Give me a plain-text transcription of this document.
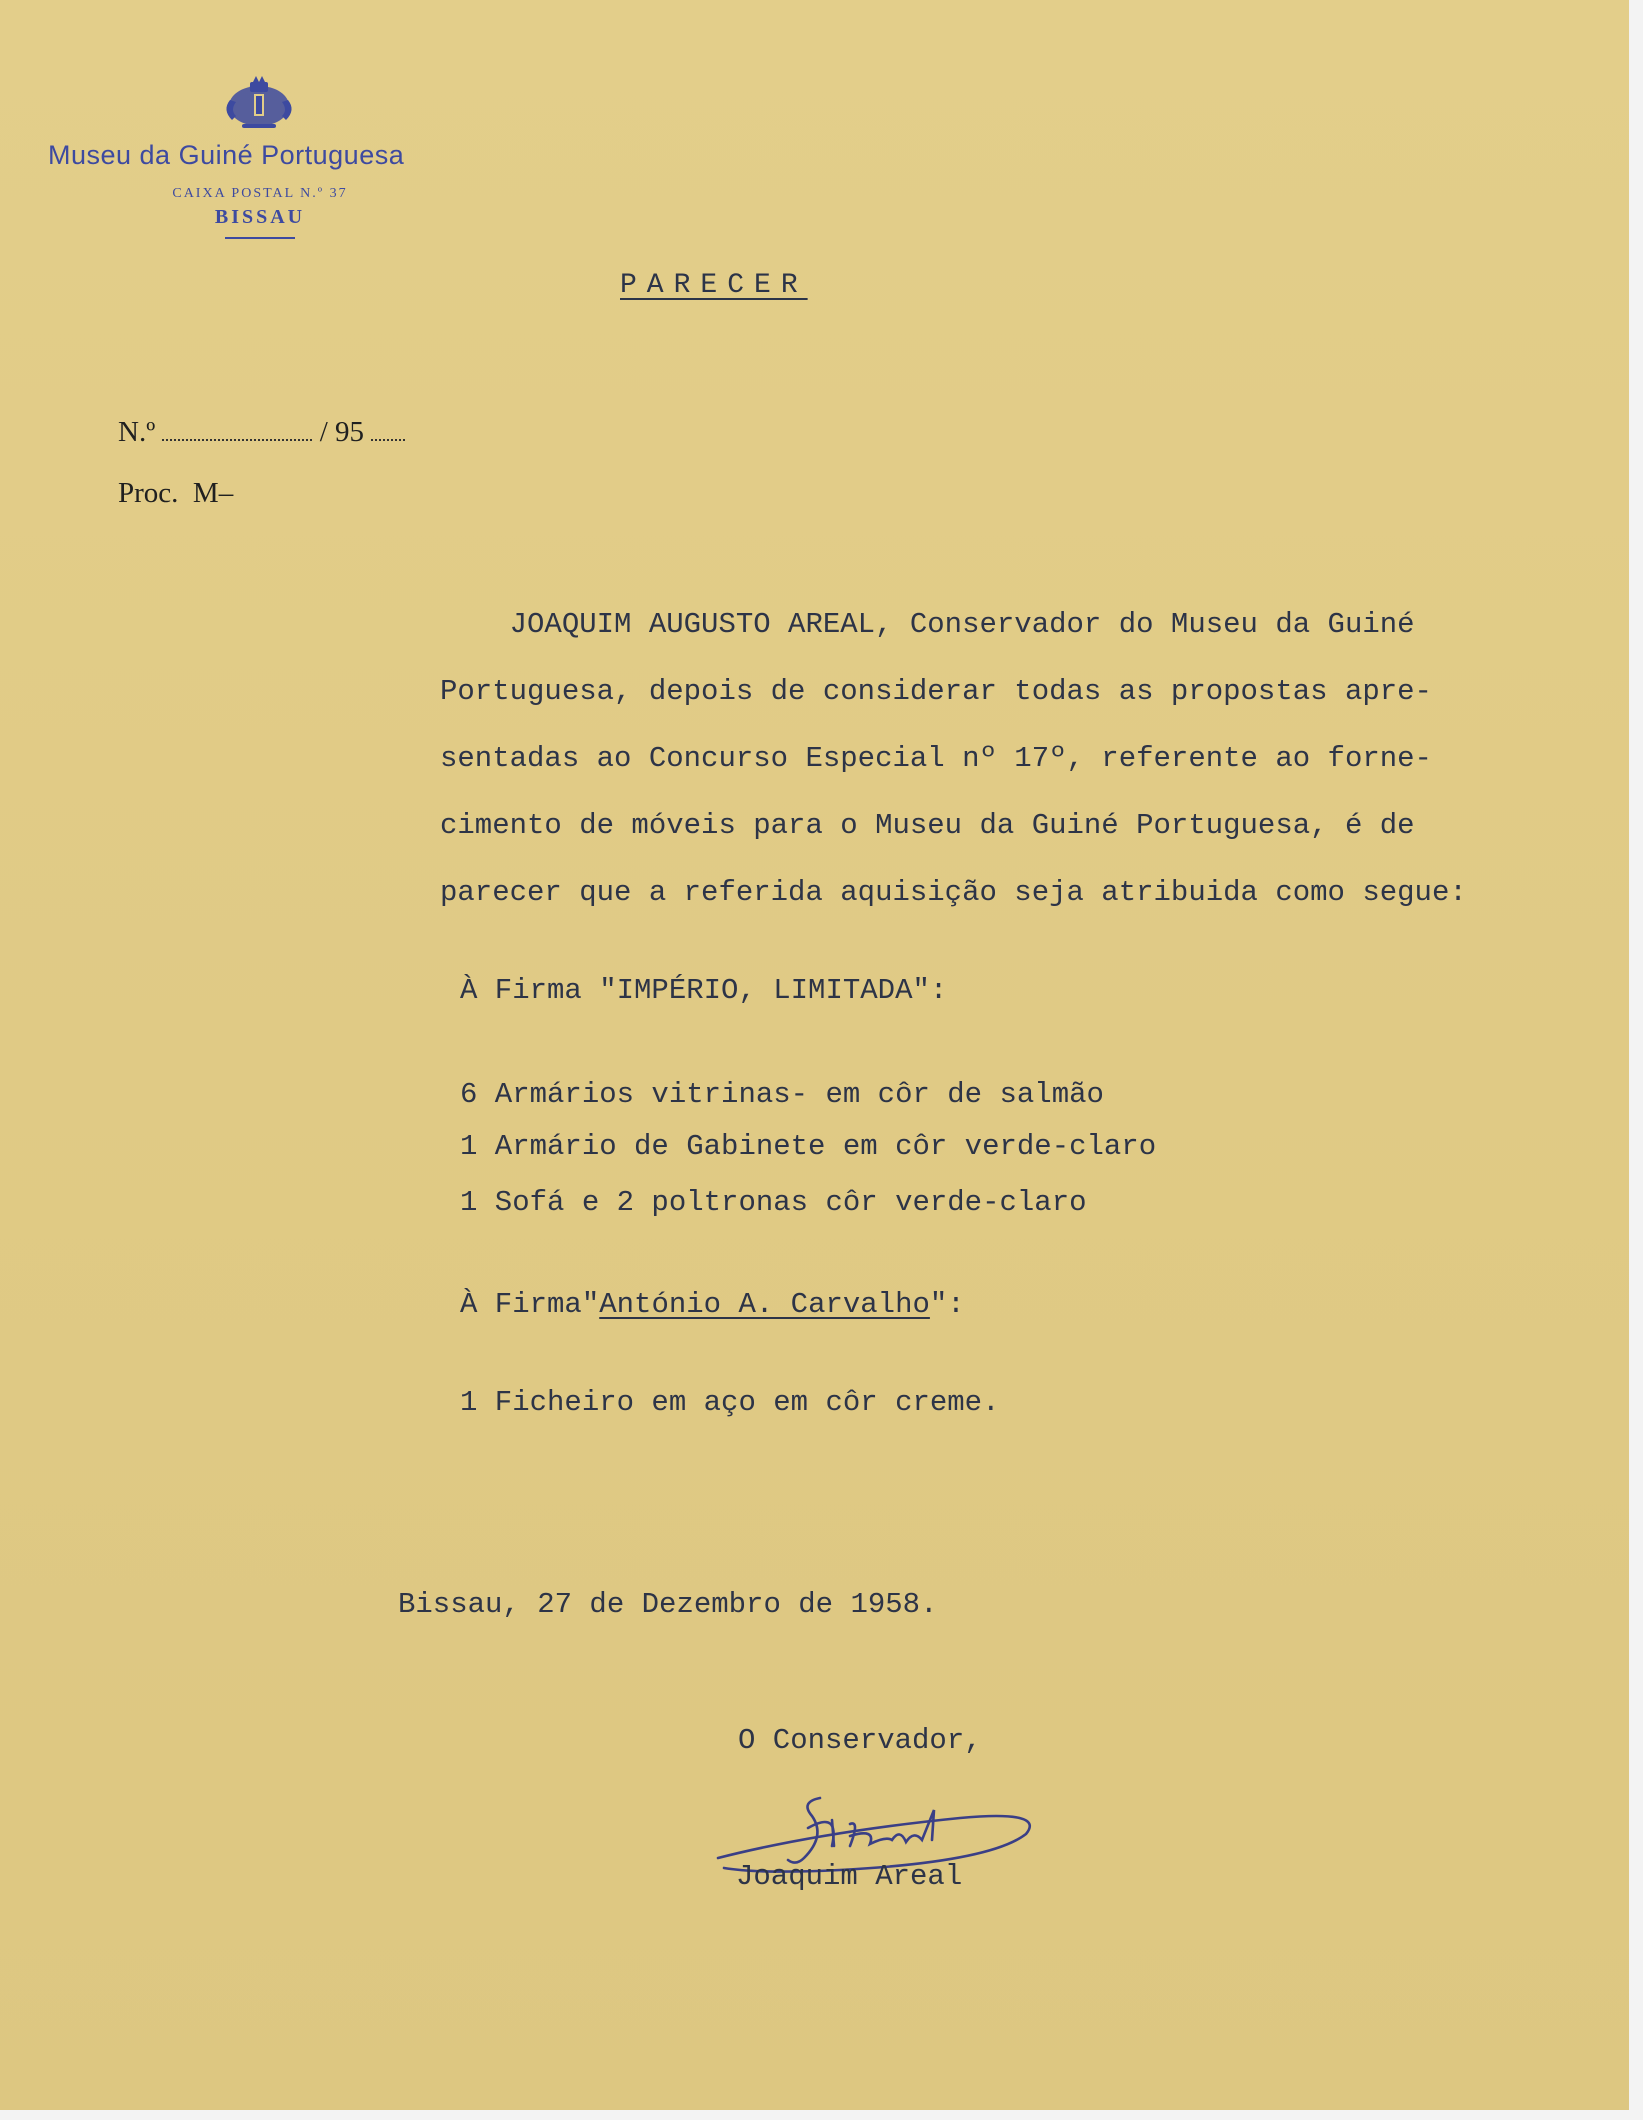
Museu da Guiné Portuguesa
CAIXA POSTAL N.º 37
BISSAU
PARECER
N.º	/ 95
Proc. M–
JOAQUIM AUGUSTO AREAL, Conservador do Museu da Guiné
Portuguesa, depois de considerar todas as propostas apre-
sentadas ao Concurso Especial nº 17º, referente ao forne-
cimento de móveis para o Museu da Guiné Portuguesa, é de
parecer que a referida aquisição seja atribuida como segue:
À Firma "IMPÉRIO, LIMITADA":
6 Armários vitrinas- em côr de salmão
1 Armário de Gabinete em côr verde-claro
1 Sofá e 2 poltronas côr verde-claro
À Firma"António A. Carvalho":
1 Ficheiro em aço em côr creme.
Bissau, 27 de Dezembro de 1958.
O Conservador,
Joaquim Areal
